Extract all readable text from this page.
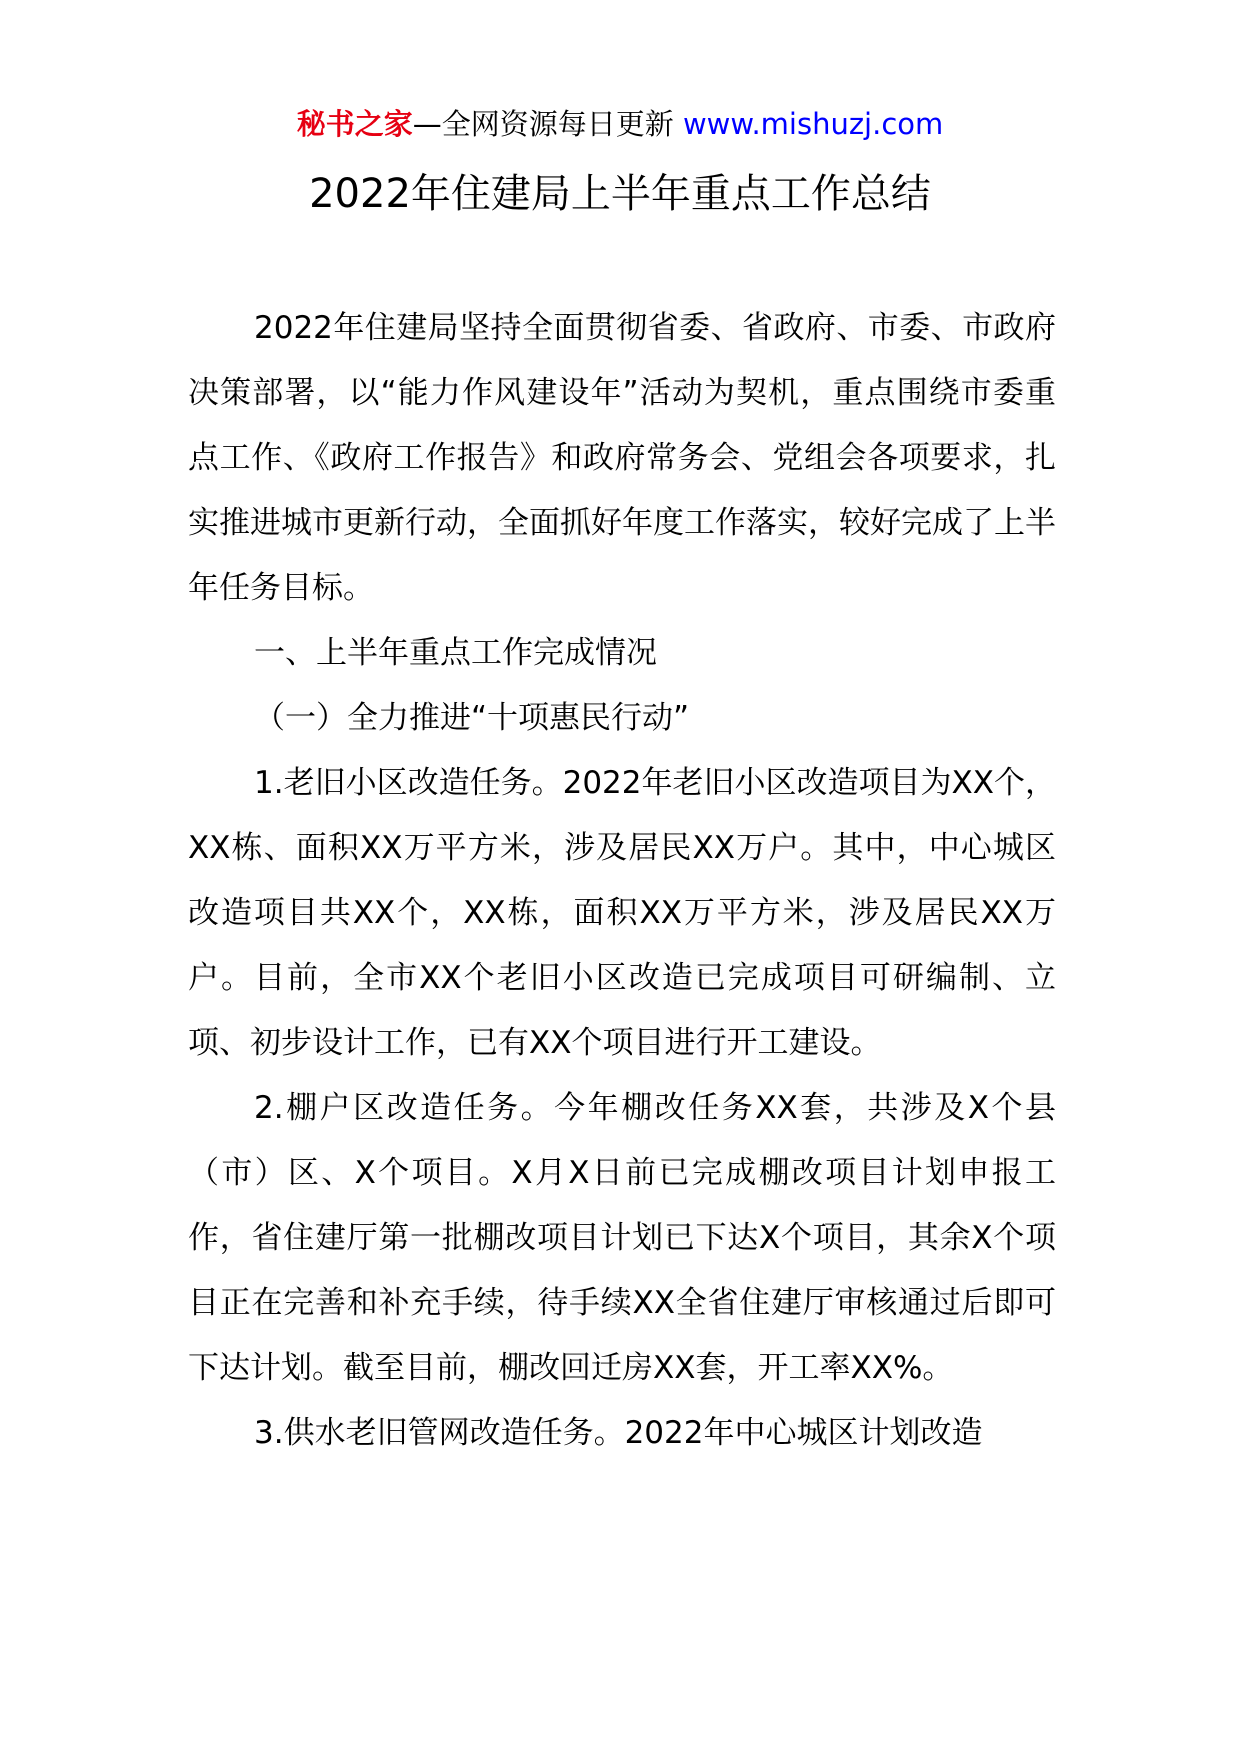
秘书之家—全网资源每日更新 www.mishuzj.com
2022年住建局上半年重点工作总结

2022年住建局坚持全面贯彻省委、省政府、市委、市政府决策部署，以“能力作风建设年”活动为契机，重点围绕市委重点工作、《政府工作报告》和政府常务会、党组会各项要求，扎实推进城市更新行动，全面抓好年度工作落实，较好完成了上半年任务目标。

一、上半年重点工作完成情况

（一）全力推进“十项惠民行动”

1.老旧小区改造任务。2022年老旧小区改造项目为XX个，XX栋、面积XX万平方米，涉及居民XX万户。其中，中心城区改造项目共XX个，XX栋，面积XX万平方米，涉及居民XX万户。目前，全市XX个老旧小区改造已完成项目可研编制、立项、初步设计工作，已有XX个项目进行开工建设。

2.棚户区改造任务。今年棚改任务XX套，共涉及X个县（市）区、X个项目。X月X日前已完成棚改项目计划申报工作，省住建厅第一批棚改项目计划已下达X个项目，其余X个项目正在完善和补充手续，待手续XX全省住建厅审核通过后即可下达计划。截至目前，棚改回迁房XX套，开工率XX%。

3.供水老旧管网改造任务。2022年中心城区计划改造
